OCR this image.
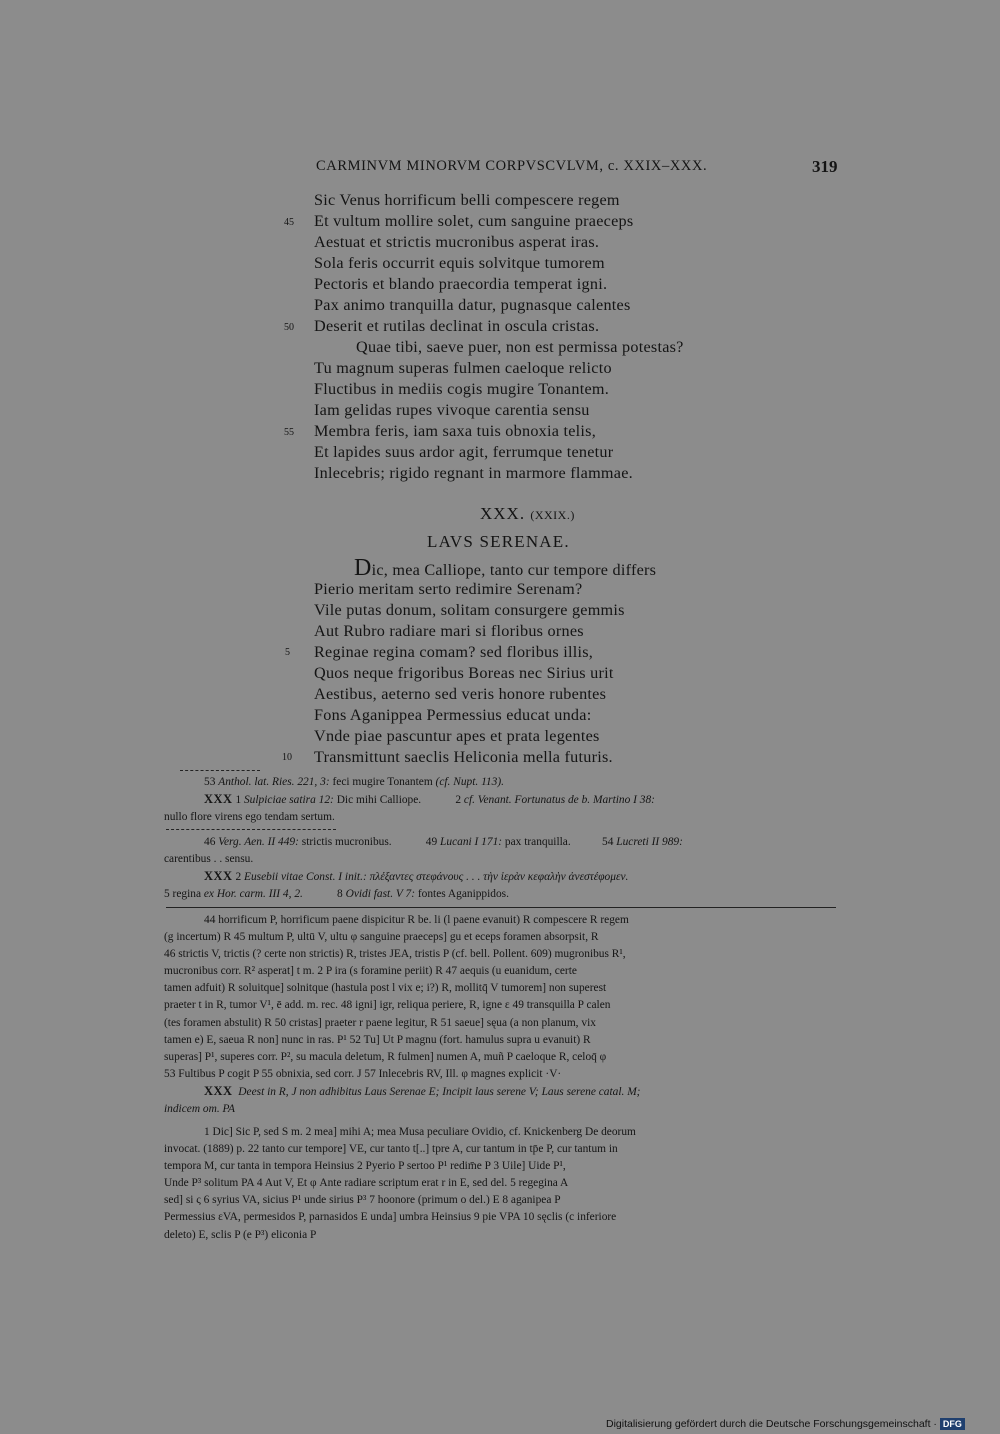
CARMINVM MINORVM CORPVSCVLVM, c. XXIX–XXX.	319
Sic Venus horrificum belli compescere regem
Et vultum mollire solet, cum sanguine praeceps
Aestuat et strictis mucronibus asperat iras.
Sola feris occurrit equis solvitque tumorem
Pectoris et blando praecordia temperat igni.
Pax animo tranquilla datur, pugnasque calentes
Deserit et rutilas declinat in oscula cristas.
Quae tibi, saeve puer, non est permissa potestas?
Tu magnum superas fulmen caeloque relicto
Fluctibus in mediis cogis mugire Tonantem.
Iam gelidas rupes vivoque carentia sensu
Membra feris, iam saxa tuis obnoxia telis,
Et lapides suus ardor agit, ferrumque tenetur
Inlecebris; rigido regnant in marmore flammae.
45
50
55
XXX. (XXIX.)
LAVS SERENAE.
Dic, mea Calliope, tanto cur tempore differs
Pierio meritam serto redimire Serenam?
Vile putas donum, solitam consurgere gemmis
Aut Rubro radiare mari si floribus ornes
Reginae regina comam? sed floribus illis,
Quos neque frigoribus Boreas nec Sirius urit
Aestibus, aeterno sed veris honore rubentes
Fons Aganippea Permessius educat unda:
Vnde piae pascuntur apes et prata legentes
Transmittunt saeclis Heliconia mella futuris.
5
10

53 Anthol. lat. Ries. 221, 3: feci mugire Tonantem (cf. Nupt. 113).

XXX 1 Sulpiciae satira 12: Dic mihi Calliope.	2 cf. Venant. Fortunatus de b. Martino I 38:

nullo flore virens ego tendam sertum.

46 Verg. Aen. II 449: strictis mucronibus.	49 Lucani I 171: pax tranquilla.	54 Lucreti II 989:

carentibus . . sensu.

XXX 2 Eusebii vitae Const. I init.: πλέξαντες στεφάνους . . . τὴν ἱερὰν κεφαλὴν ἀνεστέφομεν.

5 regina ex Hor. carm. III 4, 2.	8 Ovidi fast. V 7: fontes Aganippidos.

44 horrificum P, horrificum paene dispicitur R be. li (l paene evanuit) R compescere R regem

(g incertum) R 45 multum P, ultū V, ultu φ sanguine praeceps] gu et eceps foramen absorpsit, R

46 strictis V, trictis (? certe non strictis) R, tristes JEA, tristis P (cf. bell. Pollent. 609) mugronibus R¹,

mucronibus corr. R² asperat] t m. 2 P ira (s foramine periit) R 47 aequis (u euanidum, certe

tamen adfuit) R soluitque] solnitque (hastula post l vix e; i?) R, mollitq̄ V tumorem] non superest

praeter t in R, tumor V¹, ē add. m. rec. 48 igni] igr, reliqua periere, R, igne ε 49 transquilla P calen

(tes foramen abstulit) R 50 cristas] praeter r paene legitur, R 51 saeue] sęua (a non planum, vix

tamen e) E, saeua R non] nunc in ras. P¹ 52 Tu] Ut P magnu (fort. hamulus supra u evanuit) R

superas] P¹, superes corr. P², su macula deletum, R fulmen] numen A, muñ P caeloque R, celoq̄ φ

53 Fultibus P cogit P 55 obnixia, sed corr. J 57 Inlecebris RV, Ill. φ magnes explicit ·V·

XXX Deest in R, J non adhibitus Laus Serenae E; Incipit laus serene V; Laus serene catal. M;

indicem om. PA

1 Dic] Sic P, sed S m. 2 mea] mihi A; mea Musa peculiare Ovidio, cf. Knickenberg De deorum

invocat. (1889) p. 22 tanto cur tempore] VE, cur tanto t[..] tpre A, cur tantum in tp̄e P, cur tantum in

tempora M, cur tanta in tempora Heinsius 2 Pyerio P sertoo P¹ redim̄e P 3 Uile] Uide P¹,

Unde P³ solitum PA 4 Aut V, Et φ Ante radiare scriptum erat r in E, sed del. 5 regegina A

sed] si ς 6 syrius VA, sicius P¹ unde sirius P³ 7 hoonore (primum o del.) E 8 aganipea P

Permessius εVA, permesidos P, parnasidos E unda] umbra Heinsius 9 pie VPA 10 sęclis (c inferiore

deleto) E, sclis P (e P³) eliconia P

Digitalisierung gefördert durch die Deutsche Forschungsgemeinschaft · DFG
